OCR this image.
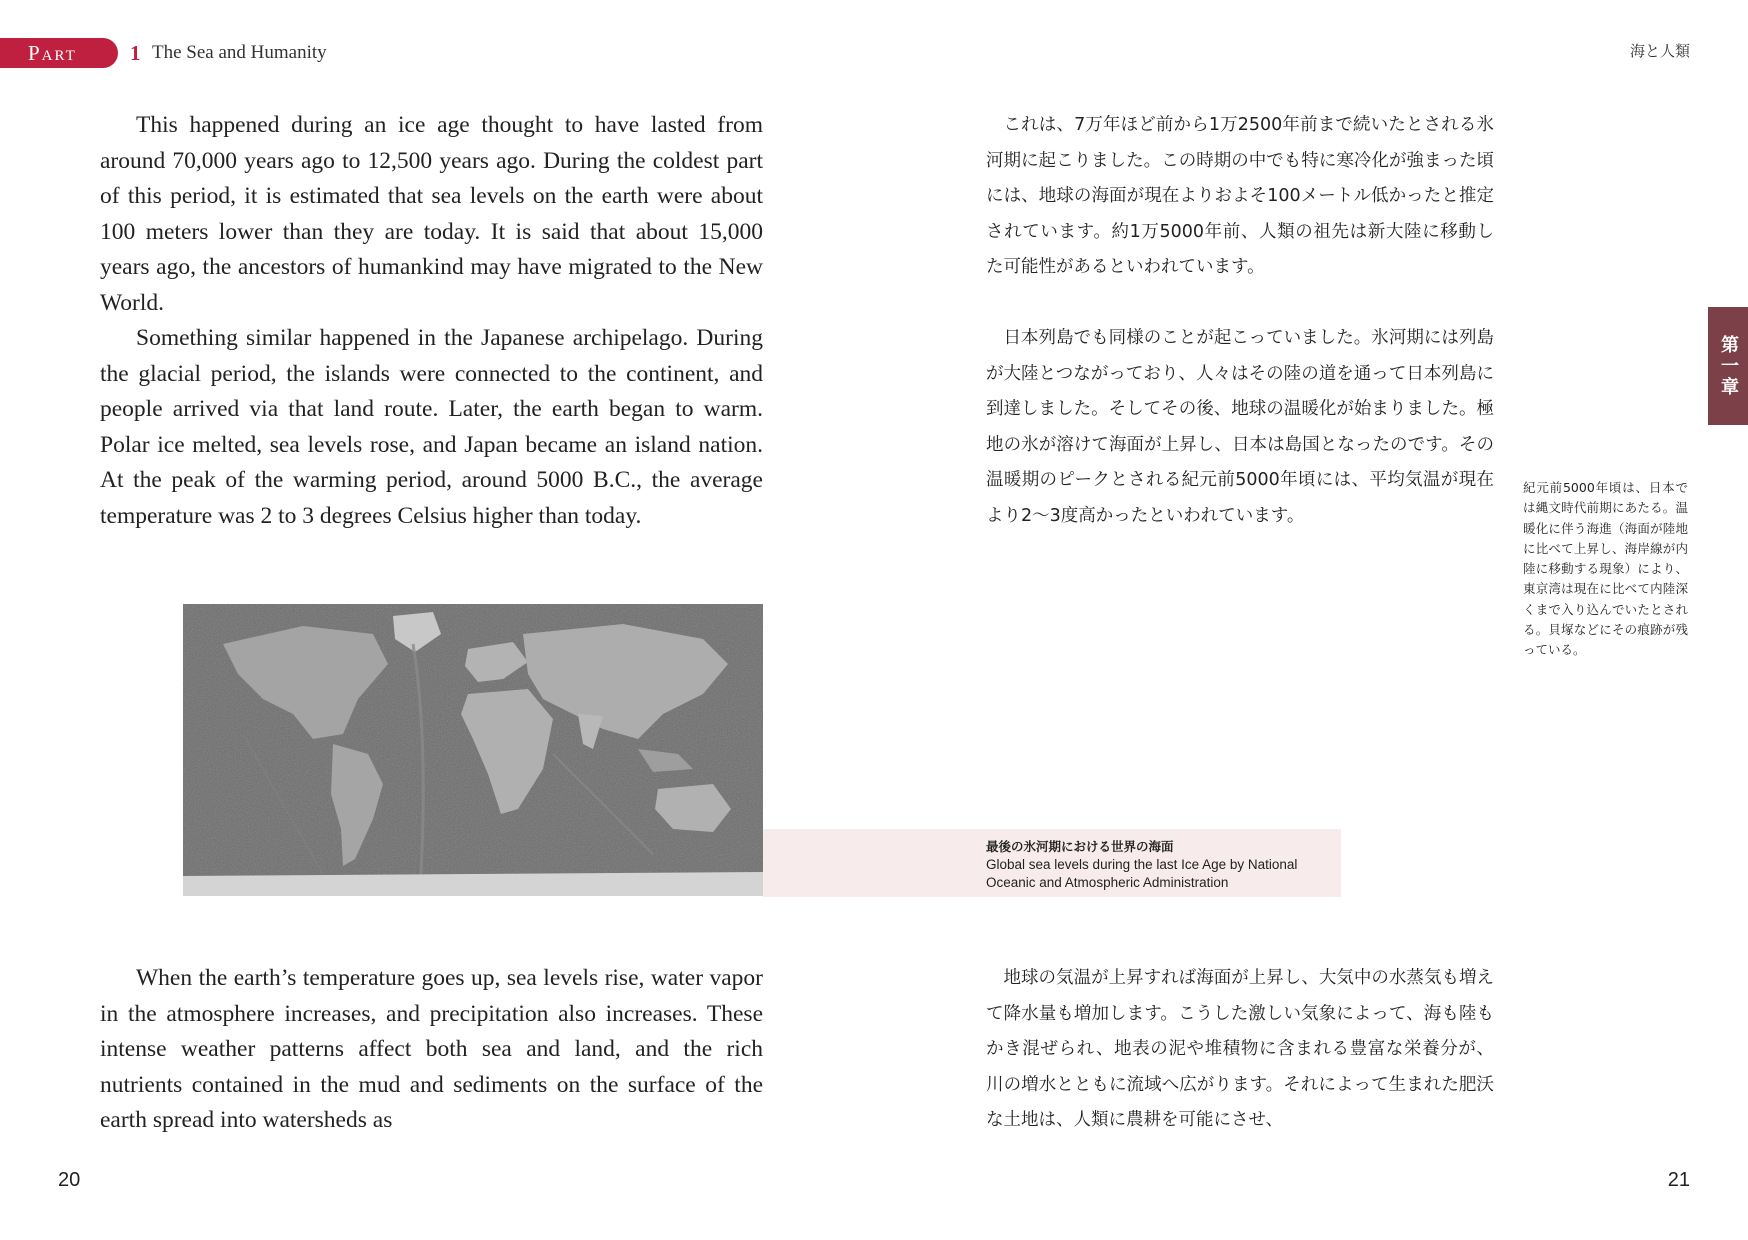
Part	1 The Sea and Humanity	海と人類

This happened during an ice age thought to have lasted from around 70,000 years ago to 12,500 years ago. During the coldest part of this period, it is estimated that sea levels on the earth were about 100 meters lower than they are today. It is said that about 15,000 years ago, the ancestors of humankind may have migrated to the New World.

Something similar happened in the Japanese archipelago. During the glacial period, the islands were connected to the continent, and people arrived via that land route. Later, the earth began to warm. Polar ice melted, sea levels rose, and Japan became an island nation. At the peak of the warming period, around 5000 B.C., the average temperature was 2 to 3 degrees Celsius higher than today.

これは、7万年ほど前から1万2500年前まで続いたとされる氷河期に起こりました。この時期の中でも特に寒冷化が強まった頃には、地球の海面が現在よりおよそ100メートル低かったと推定されています。約1万5000年前、人類の祖先は新大陸に移動した可能性があるといわれています。

日本列島でも同様のことが起こっていました。氷河期には列島が大陸とつながっており、人々はその陸の道を通って日本列島に到達しました。そしてその後、地球の温暖化が始まりました。極地の氷が溶けて海面が上昇し、日本は島国となったのです。その温暖期のピークとされる紀元前5000年頃には、平均気温が現在より2〜3度高かったといわれています。

第一章
紀元前5000年頃は、日本では縄文時代前期にあたる。温暖化に伴う海進（海面が陸地に比べて上昇し、海岸線が内陸に移動する現象）により、東京湾は現在に比べて内陸深くまで入り込んでいたとされる。貝塚などにその痕跡が残っている。
最後の氷河期における世界の海面
Global sea levels during the last Ice Age by National Oceanic and Atmospheric Administration

When the earth’s temperature goes up, sea levels rise, water vapor in the atmosphere increases, and precipitation also increases. These intense weather patterns affect both sea and land, and the rich nutrients contained in the mud and sediments on the surface of the earth spread into watersheds as

地球の気温が上昇すれば海面が上昇し、大気中の水蒸気も増えて降水量も増加します。こうした激しい気象によって、海も陸もかき混ぜられ、地表の泥や堆積物に含まれる豊富な栄養分が、川の増水とともに流域へ広がります。それによって生まれた肥沃な土地は、人類に農耕を可能にさせ、

20	21
